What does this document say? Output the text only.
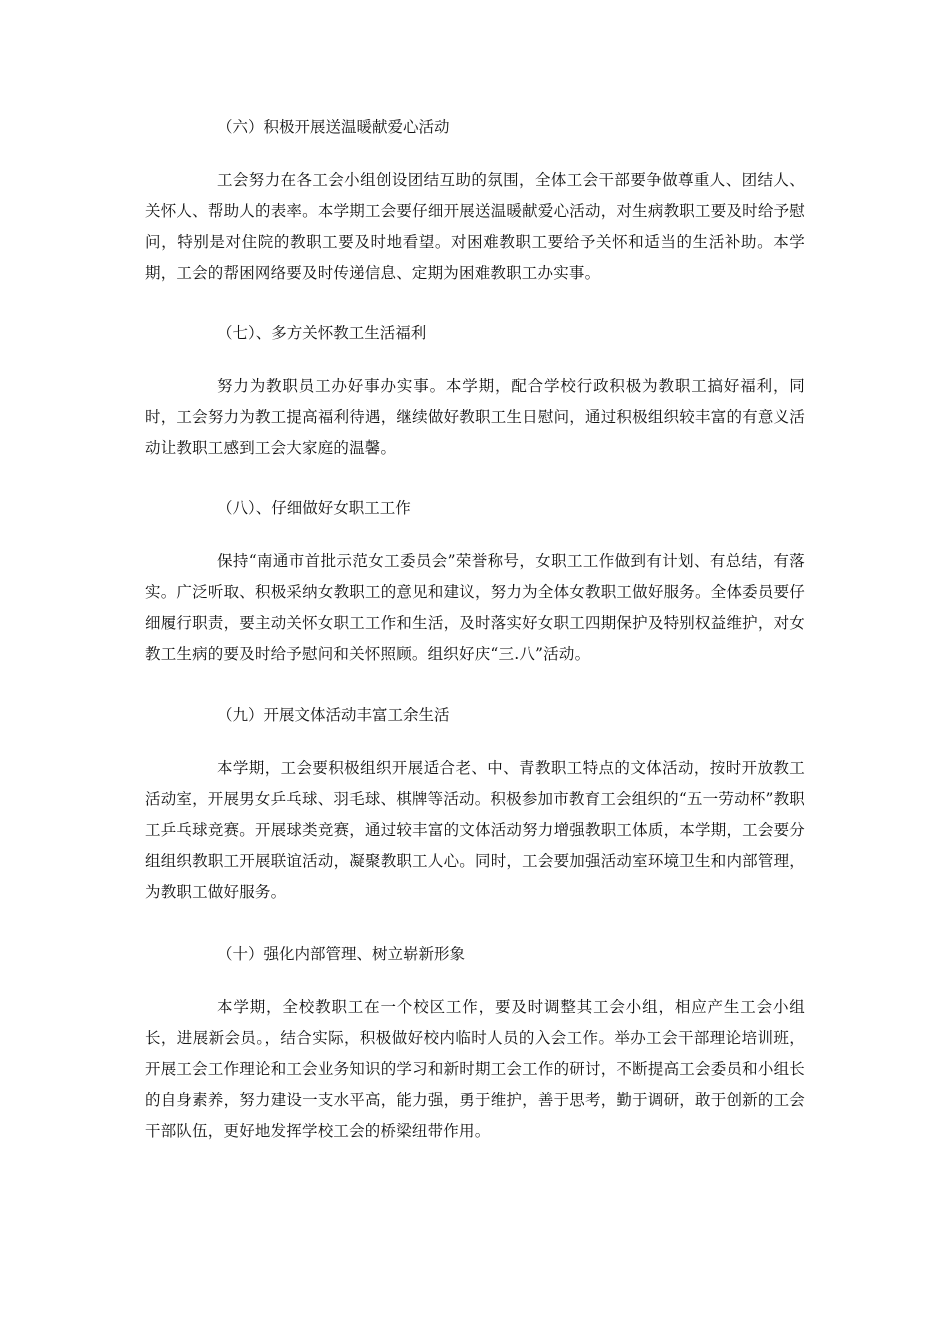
（六）积极开展送温暖献爱心活动

工会努力在各工会小组创设团结互助的氛围，全体工会干部要争做尊重人、团结人、关怀人、帮助人的表率。本学期工会要仔细开展送温暖献爱心活动，对生病教职工要及时给予慰问，特别是对住院的教职工要及时地看望。对困难教职工要给予关怀和适当的生活补助。本学期，工会的帮困网络要及时传递信息、定期为困难教职工办实事。

（七）、多方关怀教工生活福利

努力为教职员工办好事办实事。本学期，配合学校行政积极为教职工搞好福利，同时，工会努力为教工提高福利待遇，继续做好教职工生日慰问，通过积极组织较丰富的有意义活动让教职工感到工会大家庭的温馨。

（八）、仔细做好女职工工作

保持“南通市首批示范女工委员会”荣誉称号，女职工工作做到有计划、有总结，有落实。广泛听取、积极采纳女教职工的意见和建议，努力为全体女教职工做好服务。全体委员要仔细履行职责，要主动关怀女职工工作和生活，及时落实好女职工四期保护及特别权益维护，对女教工生病的要及时给予慰问和关怀照顾。组织好庆“三.八”活动。

（九）开展文体活动丰富工余生活

本学期，工会要积极组织开展适合老、中、青教职工特点的文体活动，按时开放教工活动室，开展男女乒乓球、羽毛球、棋牌等活动。积极参加市教育工会组织的“五一劳动杯”教职工乒乓球竞赛。开展球类竞赛，通过较丰富的文体活动努力增强教职工体质，本学期，工会要分组组织教职工开展联谊活动，凝聚教职工人心。同时，工会要加强活动室环境卫生和内部管理，为教职工做好服务。

（十）强化内部管理、树立崭新形象

本学期，全校教职工在一个校区工作，要及时调整其工会小组，相应产生工会小组长，进展新会员。，结合实际，积极做好校内临时人员的入会工作。举办工会干部理论培训班，开展工会工作理论和工会业务知识的学习和新时期工会工作的研讨，不断提高工会委员和小组长的自身素养，努力建设一支水平高，能力强，勇于维护，善于思考，勤于调研，敢于创新的工会干部队伍，更好地发挥学校工会的桥梁纽带作用。
